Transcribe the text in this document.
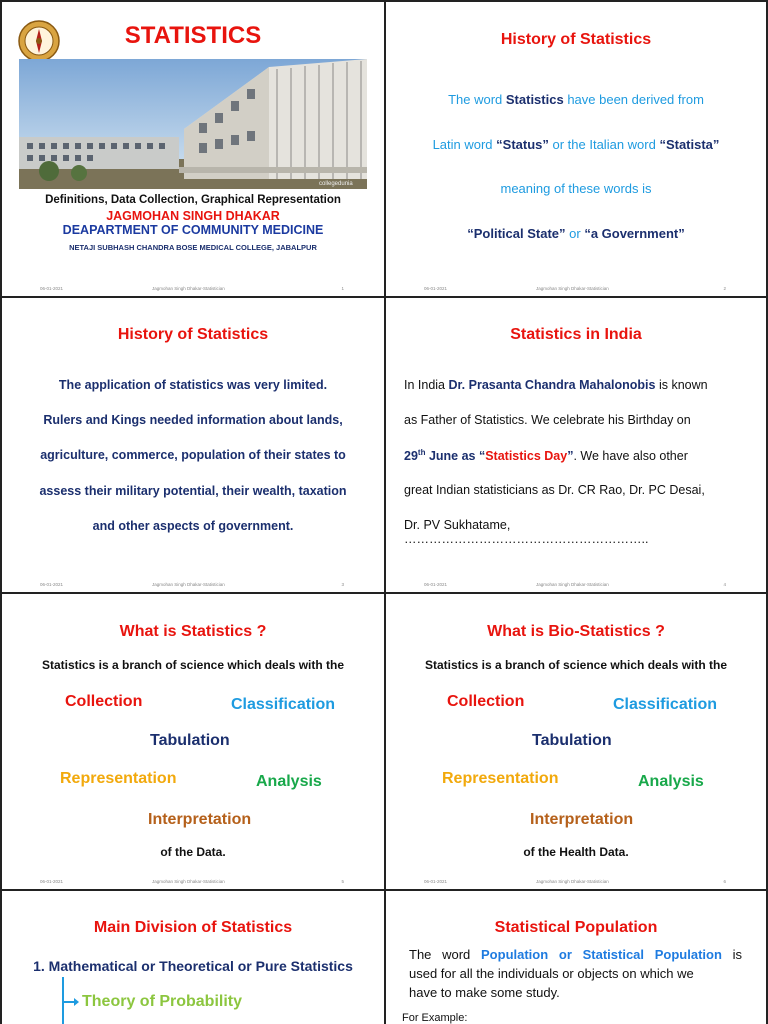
STATISTICS
collegedunia
Definitions, Data Collection, Graphical Representation
JAGMOHAN SINGH DHAKAR
DEAPARTMENT OF COMMUNITY MEDICINE
NETAJI SUBHASH CHANDRA BOSE MEDICAL COLLEGE, JABALPUR
06-01-2021	Jagmohan Singh Dhakar-Statistician	1
History of Statistics
The word Statistics have been derived from
Latin word “Status” or the Italian word “Statista”
meaning of these words is
“Political State” or “a Government”
06-01-2021	Jagmohan Singh Dhakar-Statistician	2
History of Statistics
The application of statistics was very limited.
Rulers and Kings needed information about lands,
agriculture, commerce, population of their states to
assess their military potential, their wealth, taxation
and other aspects of government.
06-01-2021	Jagmohan Singh Dhakar-Statistician	3
Statistics in India
In India Dr. Prasanta Chandra Mahalonobis is known
as Father of Statistics. We celebrate his Birthday on
29th June as “Statistics Day”. We have also other
great Indian statisticians as Dr. CR Rao, Dr. PC Desai,
Dr. PV Sukhatame, …………………………………………………..
06-01-2021	Jagmohan Singh Dhakar-Statistician	4
What is Statistics ?
Statistics is a branch of science which deals with the
Collection	Classification
Tabulation
Representation	Analysis
Interpretation
of the Data.
06-01-2021	Jagmohan Singh Dhakar-Statistician	5
What is Bio-Statistics ?
Statistics is a branch of science which deals with the
Collection	Classification
Tabulation
Representation	Analysis
Interpretation
of the Health Data.
06-01-2021	Jagmohan Singh Dhakar-Statistician	6
Main Division of Statistics
1. Mathematical or Theoretical or Pure Statistics
Theory of Probability
Statistical Population
The word Population or Statistical Population is
used for all the individuals or objects on which we
have to make some study.
For Example:
